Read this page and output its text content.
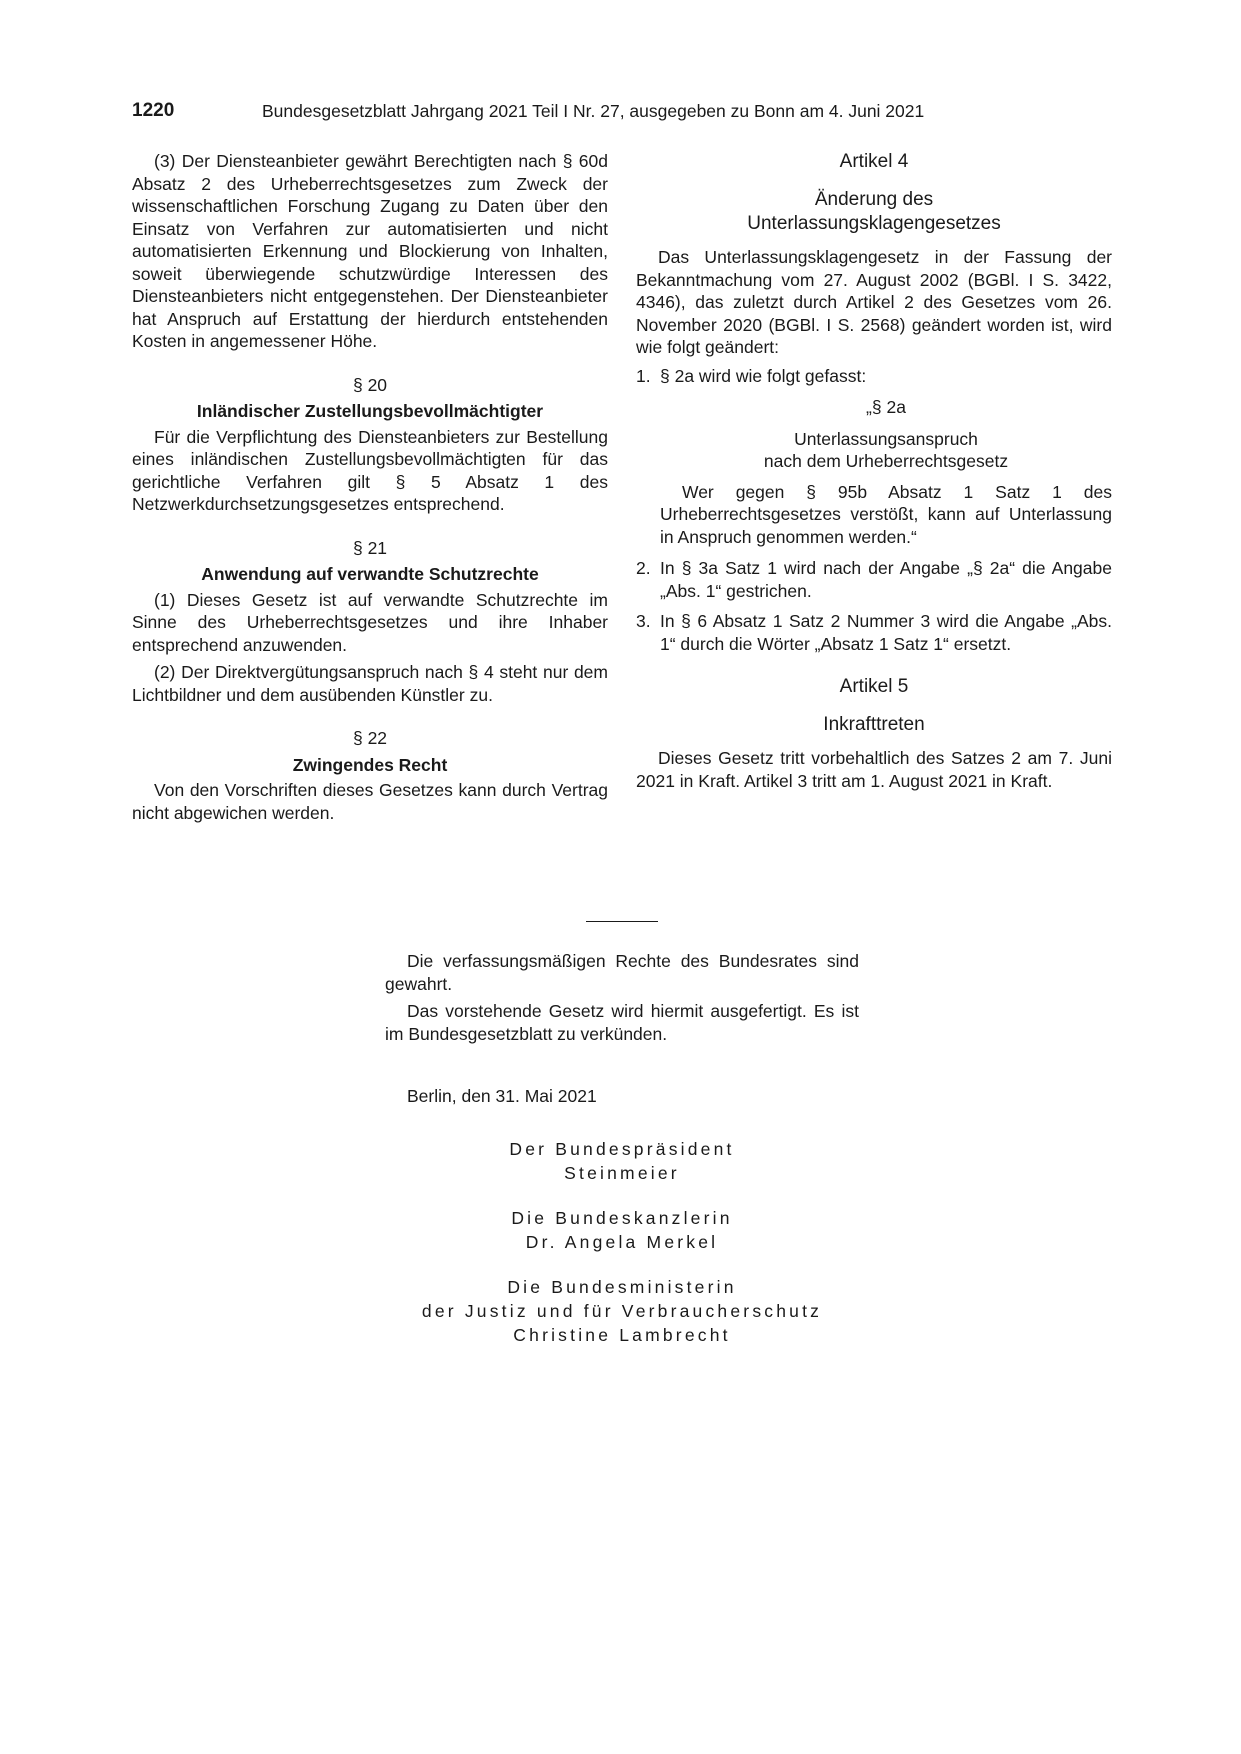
1220	Bundesgesetzblatt Jahrgang 2021 Teil I Nr. 27, ausgegeben zu Bonn am 4. Juni 2021

(3) Der Diensteanbieter gewährt Berechtigten nach § 60d Absatz 2 des Urheberrechtsgesetzes zum Zweck der wissenschaftlichen Forschung Zugang zu Daten über den Einsatz von Verfahren zur automatisierten und nicht automatisierten Erkennung und Blockierung von Inhalten, soweit überwiegende schutzwürdige Interessen des Diensteanbieters nicht entgegenstehen. Der Diensteanbieter hat Anspruch auf Erstattung der hierdurch entstehenden Kosten in angemessener Höhe.

§ 20

Inländischer Zustellungsbevollmächtigter

Für die Verpflichtung des Diensteanbieters zur Bestellung eines inländischen Zustellungsbevollmächtigten für das gerichtliche Verfahren gilt § 5 Absatz 1 des Netzwerkdurchsetzungsgesetzes entsprechend.

§ 21

Anwendung auf verwandte Schutzrechte

(1) Dieses Gesetz ist auf verwandte Schutzrechte im Sinne des Urheberrechtsgesetzes und ihre Inhaber entsprechend anzuwenden.

(2) Der Direktvergütungsanspruch nach § 4 steht nur dem Lichtbildner und dem ausübenden Künstler zu.

§ 22

Zwingendes Recht

Von den Vorschriften dieses Gesetzes kann durch Vertrag nicht abgewichen werden.

Artikel 4

Änderung des

Unterlassungsklagengesetzes

Das Unterlassungsklagengesetz in der Fassung der Bekanntmachung vom 27. August 2002 (BGBl. I S. 3422, 4346), das zuletzt durch Artikel 2 des Gesetzes vom 26. November 2020 (BGBl. I S. 2568) geändert worden ist, wird wie folgt geändert:

1. § 2a wird wie folgt gefasst:

„§ 2a

Unterlassungsanspruch

nach dem Urheberrechtsgesetz

Wer gegen § 95b Absatz 1 Satz 1 des Urheberrechtsgesetzes verstößt, kann auf Unterlassung in Anspruch genommen werden.“

2. In § 3a Satz 1 wird nach der Angabe „§ 2a“ die Angabe „Abs. 1“ gestrichen.
3. In § 6 Absatz 1 Satz 2 Nummer 3 wird die Angabe „Abs. 1“ durch die Wörter „Absatz 1 Satz 1“ ersetzt.

Artikel 5

Inkrafttreten

Dieses Gesetz tritt vorbehaltlich des Satzes 2 am 7. Juni 2021 in Kraft. Artikel 3 tritt am 1. August 2021 in Kraft.

Die verfassungsmäßigen Rechte des Bundesrates sind gewahrt.

Das vorstehende Gesetz wird hiermit ausgefertigt. Es ist im Bundesgesetzblatt zu verkünden.

Berlin, den 31. Mai 2021

Der Bundespräsident

Steinmeier

Die Bundeskanzlerin

Dr. Angela Merkel

Die Bundesministerin

der Justiz und für Verbraucherschutz

Christine Lambrecht
